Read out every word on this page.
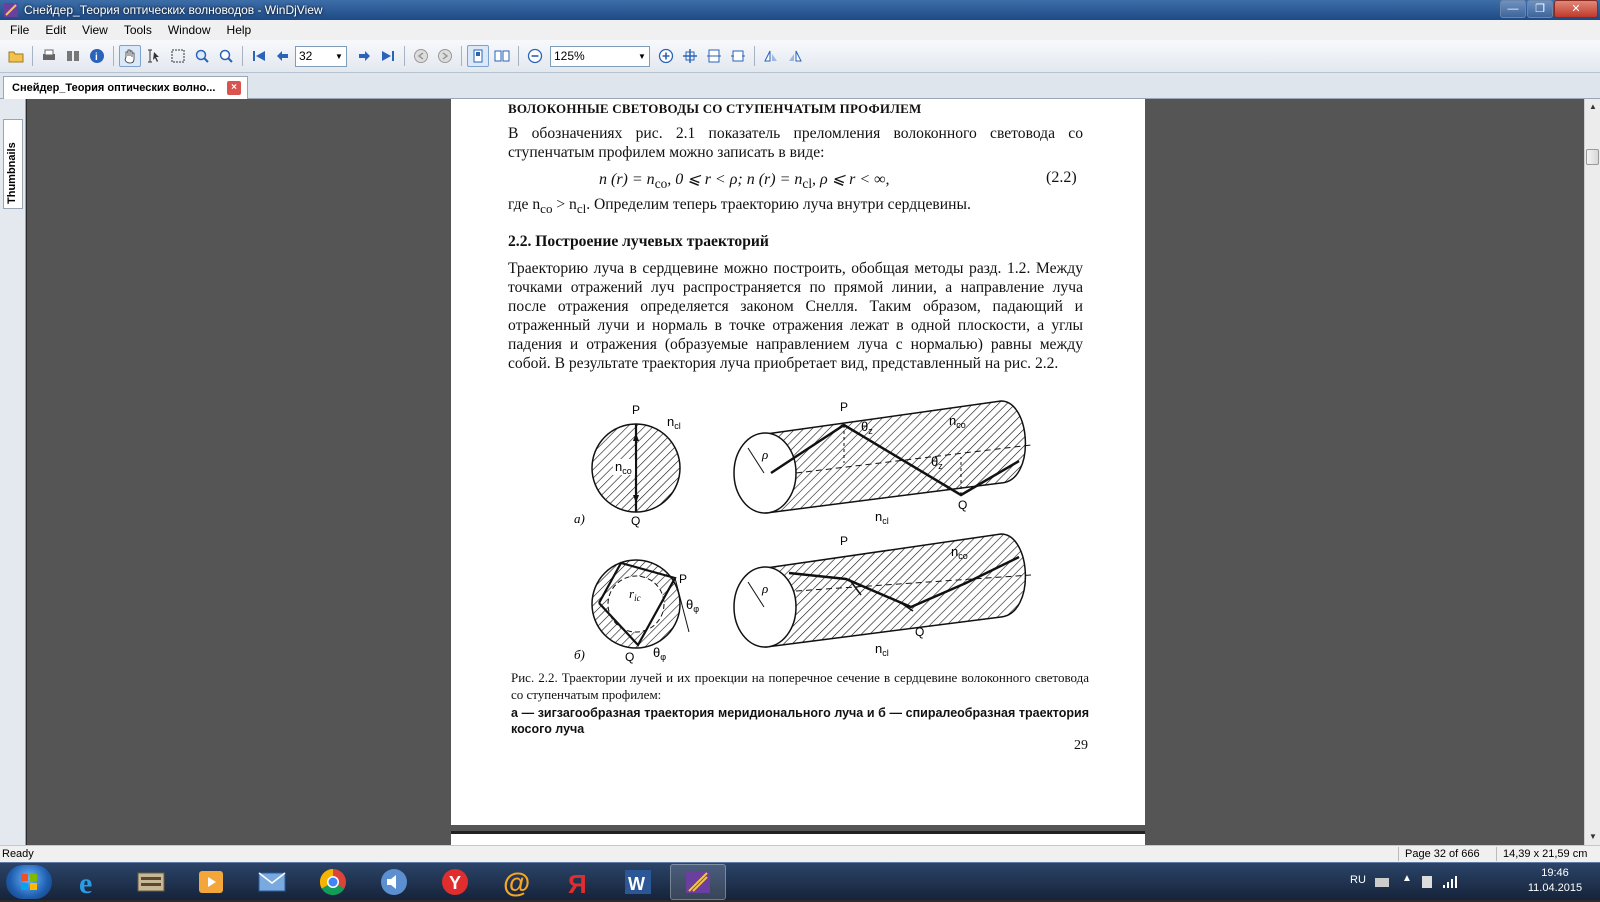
Снейдер_Теория оптических волноводов - WinDjView	—	❐	✕
File	Edit	View	Tools	Window	Help
i	32	▼	125%	▼
Снейдер_Теория оптических волно...	×
Thumbnails
ВОЛОКОННЫЕ СВЕТОВОДЫ СО СТУПЕНЧАТЫМ ПРОФИЛЕМ
В обозначениях рис. 2.1 показатель преломления волоконного световода со ступенчатым профилем можно записать в виде:
n $(r) = n_{co}$, 0 ⩽ r < ρ; n $(r) = n_{cl}$, ρ ⩽ r < ∞,	(2.2)
где $n_{co} > n_{cl}$. Определим теперь траекторию луча внутри сердцевины.
2.2. Построение лучевых траекторий
Траекторию луча в сердцевине можно построить, обобщая методы разд. 1.2. Между точками отражений луч распространяется по прямой линии, а направление луча после отражения определяется законом Снелля. Таким образом, падающий и отраженный лучи и нормаль в точке отражения лежат в одной плоскости, а углы падения и отражения (образуемые направлением луча с нормалью) равны между собой. В результате траектория луча приобретает вид, представленный на рис. 2.2.
$n_{co}$
P
Q
$n_{cl}$
а)
ρ
P
Q
$\theta_z$
$\theta_z$
$n_{co}$
$n_{cl}$
$r_{ic}$
P
Q
$\theta_\varphi$
$\theta_\varphi$
б)
ρ
P
Q
$n_{co}$
$n_{cl}$
Рис. 2.2. Траектории лучей и их проекции на поперечное сечение в сердцевине волоконного световода со ступенчатым профилем:
а — зигзагообразная траектория меридионального луча и б — спиралеобразная траектория косого луча
29
▲
▼
Ready	Page 32 of 666 14,39 x 21,59 cm
e	Y @ Я W	RU	▲	19:46
11.04.2015
